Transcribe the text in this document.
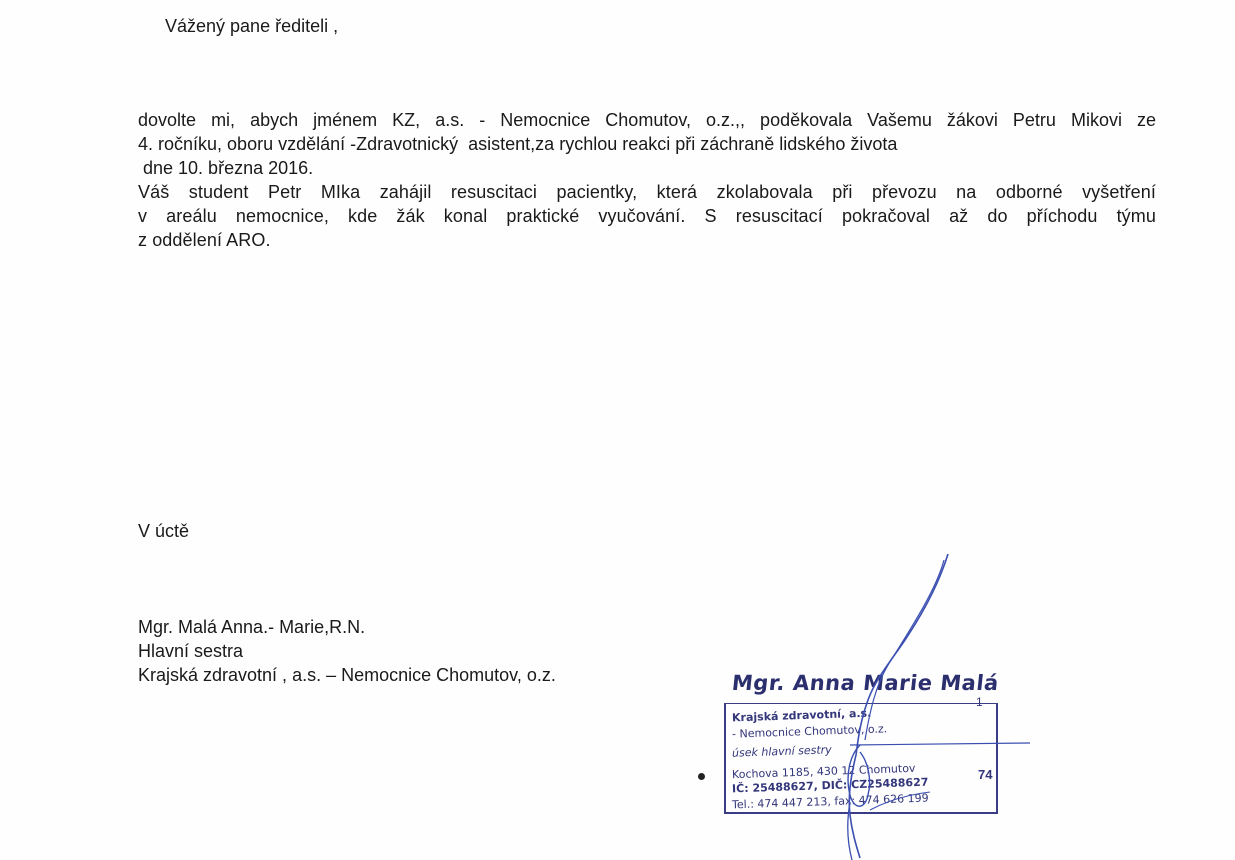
Vážený pane řediteli ,
dovolte mi, abych jménem KZ, a.s. - Nemocnice Chomutov, o.z.,, poděkovala Vašemu žákovi Petru Mikovi ze
4. ročníku, oboru vzdělání -Zdravotnický  asistent,za rychlou reakci při záchraně lidského života
dne 10. března 2016.
Váš student Petr MIka zahájil resuscitaci pacientky, která zkolabovala při převozu na odborné vyšetření
v areálu nemocnice, kde žák konal praktické vyučování. S resuscitací pokračoval až do příchodu týmu
z oddělení ARO.
V úctě
Mgr. Malá Anna.- Marie,R.N.
Hlavní sestra
Krajská zdravotní , a.s. – Nemocnice Chomutov, o.z.	Mgr. Anna Marie Malá
Krajská zdravotní, a.s.
- Nemocnice Chomutov, o.z.
úsek hlavní sestry
Kochova 1185, 430 12 Chomutov
IČ: 25488627, DIČ: CZ25488627
Tel.: 474 447 213, fax: 474 626 199
1
74
